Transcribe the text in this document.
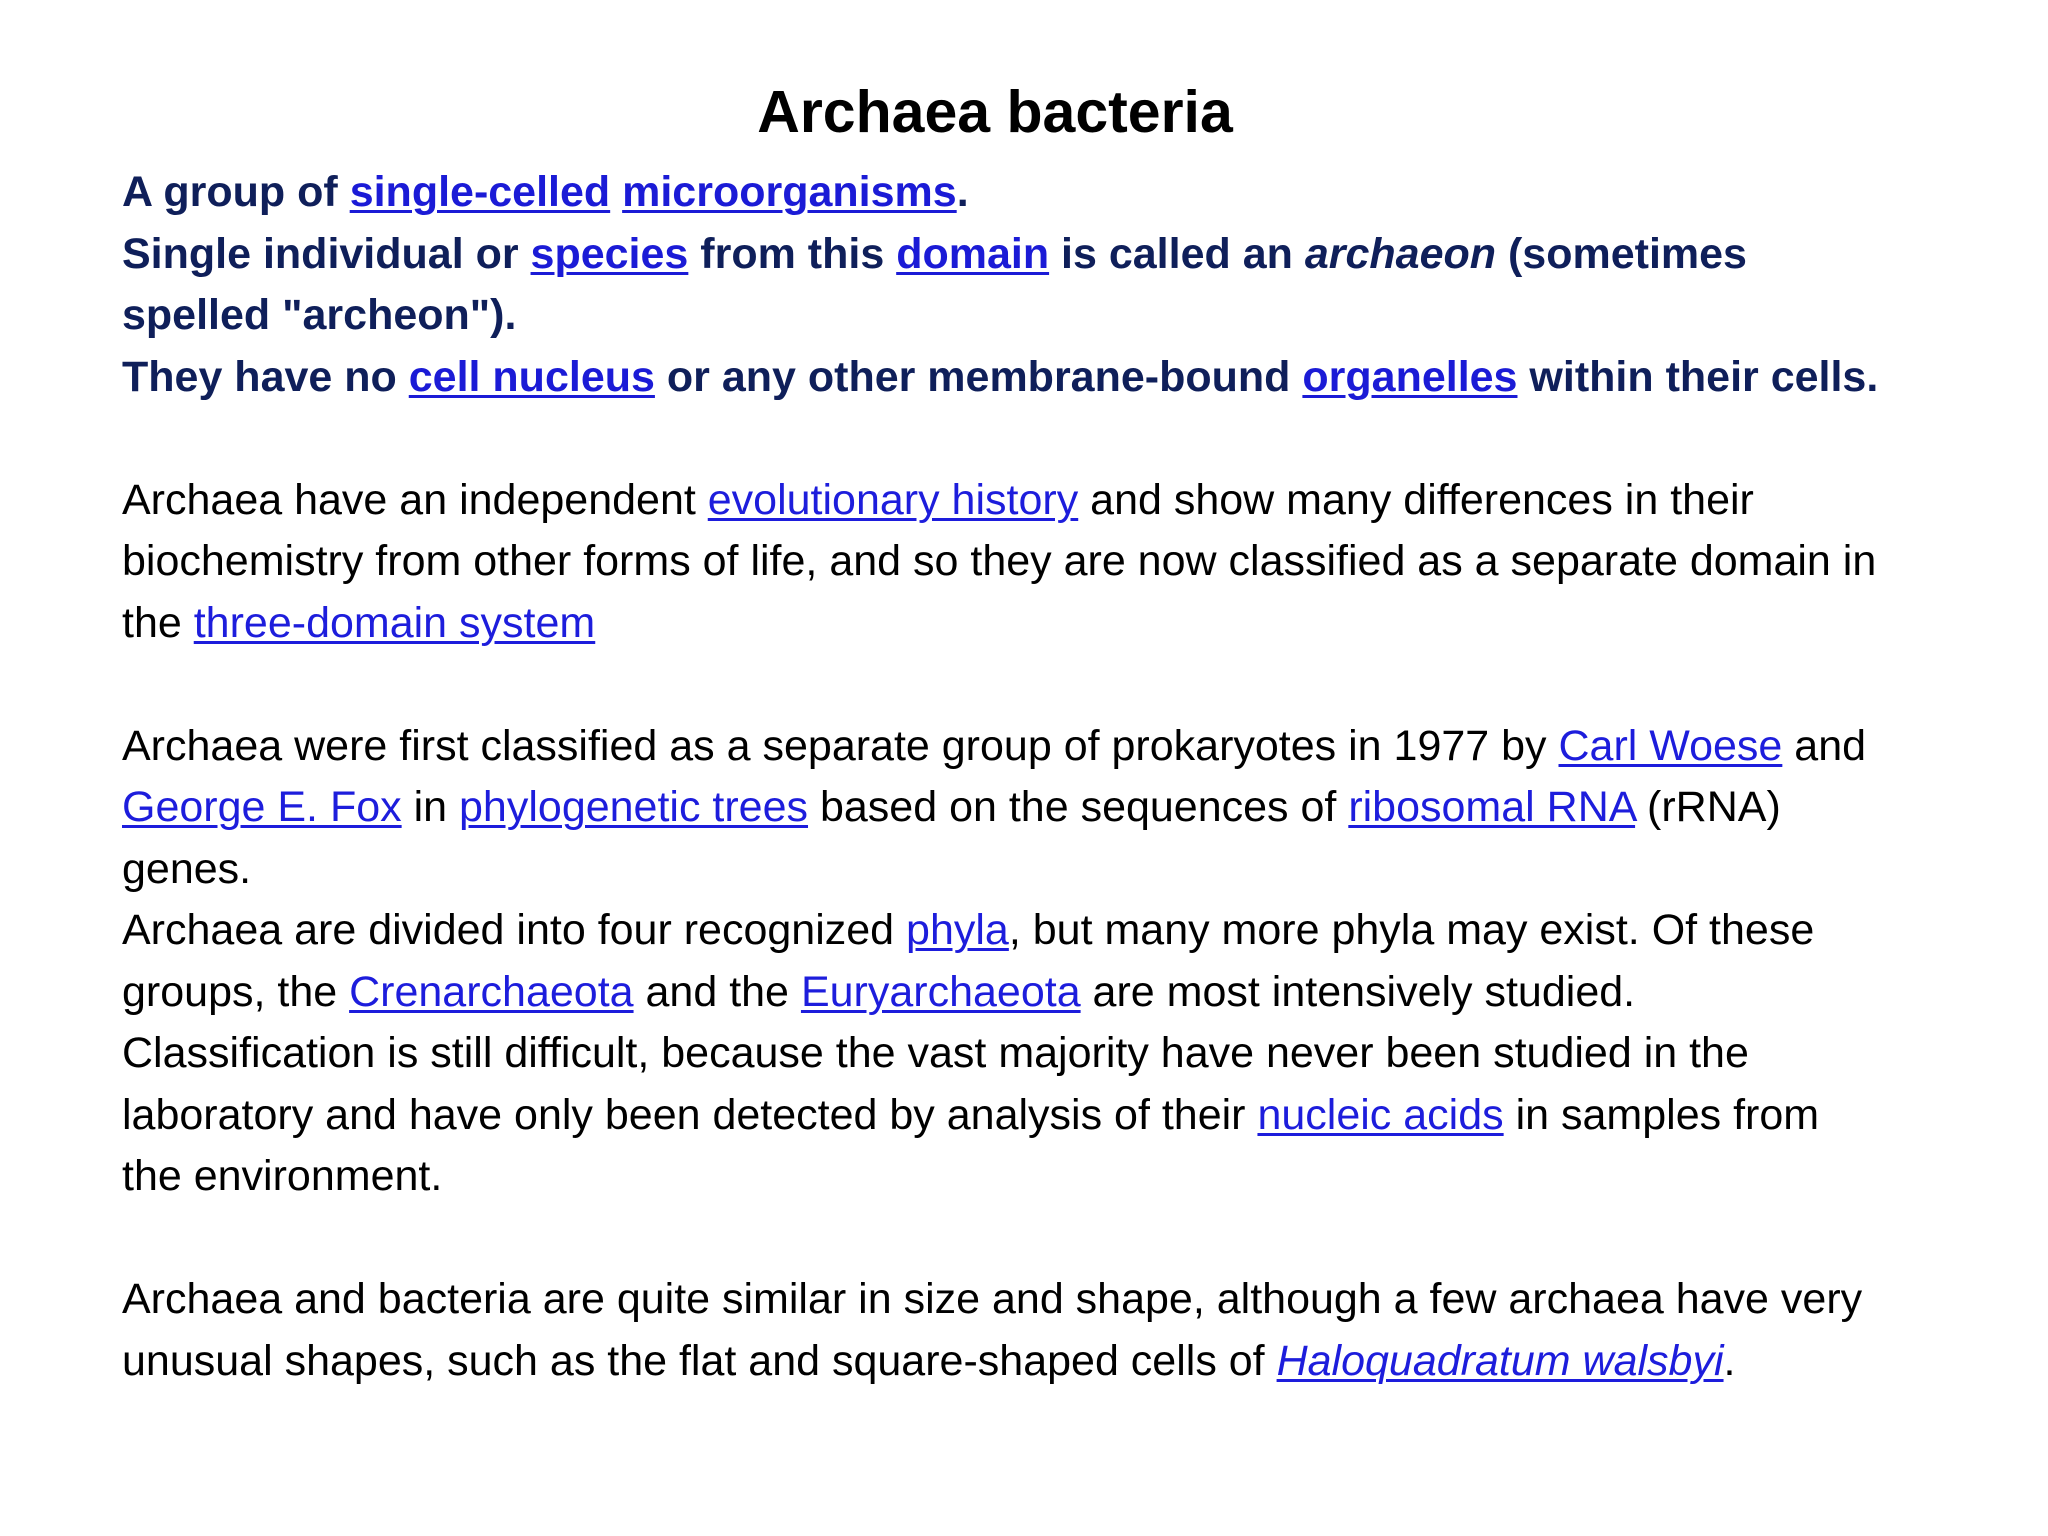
Archaea bacteria

A group of single-celled microorganisms.

Single individual or species from this domain is called an archaeon (sometimes spelled "archeon").

They have no cell nucleus or any other membrane-bound organelles within their cells.

Archaea have an independent evolutionary history and show many differences in their biochemistry from other forms of life, and so they are now classified as a separate domain in the three-domain system

Archaea were first classified as a separate group of prokaryotes in 1977 by Carl Woese and George E. Fox in phylogenetic trees based on the sequences of ribosomal RNA (rRNA) genes.

Archaea are divided into four recognized phyla, but many more phyla may exist. Of these groups, the Crenarchaeota and the Euryarchaeota are most intensively studied. Classification is still difficult, because the vast majority have never been studied in the laboratory and have only been detected by analysis of their nucleic acids in samples from the environment.

Archaea and bacteria are quite similar in size and shape, although a few archaea have very unusual shapes, such as the flat and square-shaped cells of Haloquadratum walsbyi.
